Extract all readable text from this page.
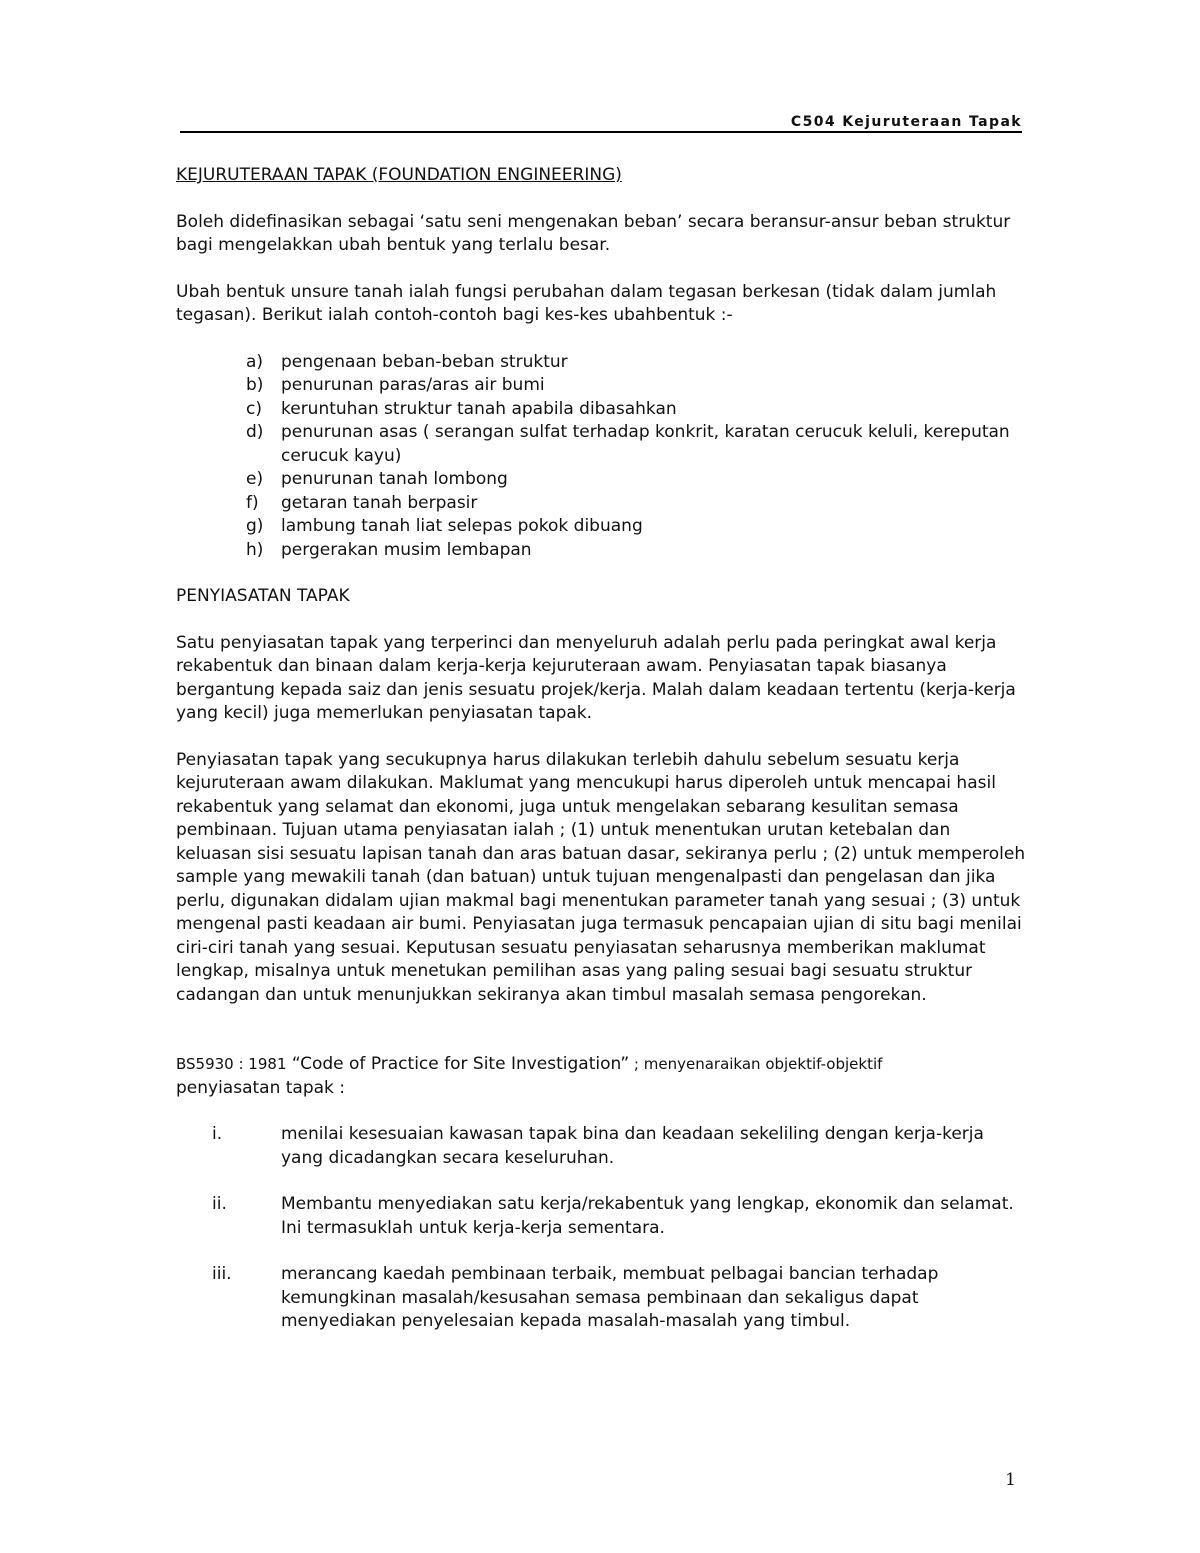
C504 Kejuruteraan Tapak
KEJURUTERAAN TAPAK (FOUNDATION ENGINEERING)

Boleh didefinasikan sebagai ‘satu seni mengenakan beban’ secara beransur-ansur beban struktur bagi mengelakkan ubah bentuk yang terlalu besar.

Ubah bentuk unsure tanah ialah fungsi perubahan dalam tegasan berkesan (tidak dalam jumlah tegasan). Berikut ialah contoh-contoh bagi kes-kes ubahbentuk :-

a)	pengenaan beban-beban struktur
b)	penurunan paras/aras air bumi
c)	keruntuhan struktur tanah apabila dibasahkan
d)	penurunan asas ( serangan sulfat terhadap konkrit, karatan cerucuk keluli, kereputan cerucuk kayu)
e)	penurunan tanah lombong
f)	getaran tanah berpasir
g)	lambung tanah liat selepas pokok dibuang
h)	pergerakan musim lembapan
PENYIASATAN TAPAK

Satu penyiasatan tapak yang terperinci dan menyeluruh adalah perlu pada peringkat awal kerja rekabentuk dan binaan dalam kerja-kerja kejuruteraan awam. Penyiasatan tapak biasanya bergantung kepada saiz dan jenis sesuatu projek/kerja. Malah dalam keadaan tertentu (kerja-kerja yang kecil) juga memerlukan penyiasatan tapak.

Penyiasatan tapak yang secukupnya harus dilakukan terlebih dahulu sebelum sesuatu kerja kejuruteraan awam dilakukan. Maklumat yang mencukupi harus diperoleh untuk mencapai hasil rekabentuk yang selamat dan ekonomi, juga untuk mengelakan sebarang kesulitan semasa pembinaan. Tujuan utama penyiasatan ialah ; (1) untuk menentukan urutan ketebalan dan keluasan sisi sesuatu lapisan tanah dan aras batuan dasar, sekiranya perlu ; (2) untuk memperoleh sample yang mewakili tanah (dan batuan) untuk tujuan mengenalpasti dan pengelasan dan jika perlu, digunakan didalam ujian makmal bagi menentukan parameter tanah yang sesuai ; (3) untuk mengenal pasti keadaan air bumi. Penyiasatan juga termasuk pencapaian ujian di situ bagi menilai ciri-ciri tanah yang sesuai. Keputusan sesuatu penyiasatan seharusnya memberikan maklumat lengkap, misalnya untuk menetukan pemilihan asas yang paling sesuai bagi sesuatu struktur cadangan dan untuk menunjukkan sekiranya akan timbul masalah semasa pengorekan.

BS5930 : 1981 “Code of Practice for Site Investigation” ; menyenaraikan objektif-objektif

penyiasatan tapak :

i.	menilai kesesuaian kawasan tapak bina dan keadaan sekeliling dengan kerja-kerja yang dicadangkan secara keseluruhan.
ii.	Membantu menyediakan satu kerja/rekabentuk yang lengkap, ekonomik dan selamat. Ini termasuklah untuk kerja-kerja sementara.
iii.	merancang kaedah pembinaan terbaik, membuat pelbagai bancian terhadap kemungkinan masalah/kesusahan semasa pembinaan dan sekaligus dapat menyediakan penyelesaian kepada masalah-masalah yang timbul.
1
